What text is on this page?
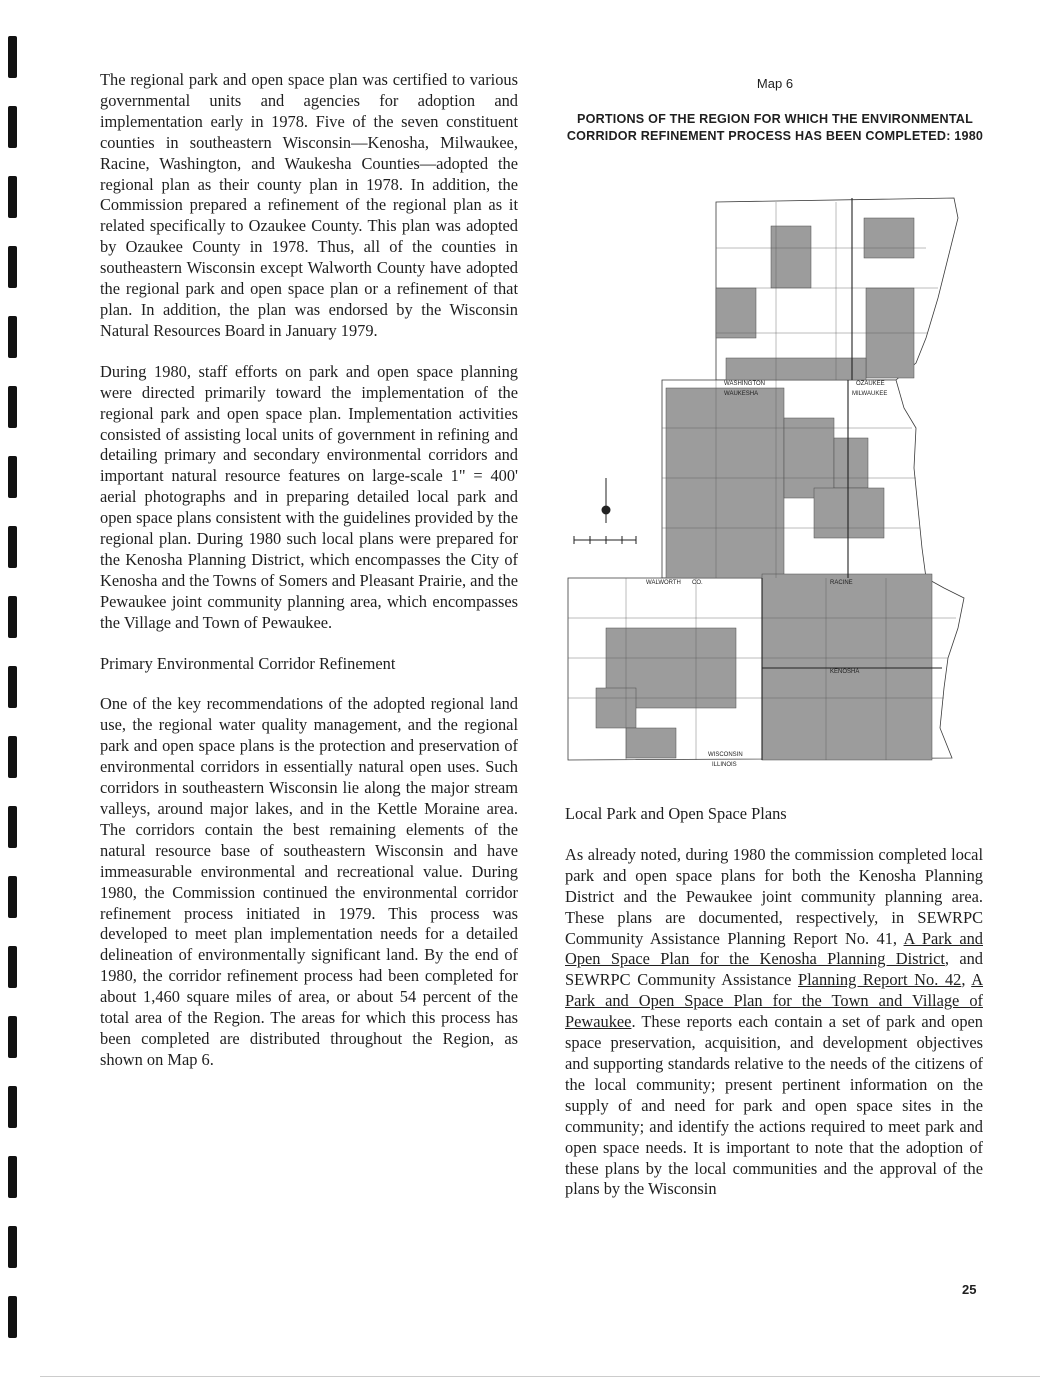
The regional park and open space plan was certified to various governmental units and agencies for adoption and implementation early in 1978. Five of the seven constituent counties in southeastern Wisconsin—Kenosha, Milwaukee, Racine, Washington, and Waukesha Counties—adopted the regional plan as their county plan in 1978. In addition, the Commission prepared a refinement of the regional plan as it related specifically to Ozaukee County. This plan was adopted by Ozaukee County in 1978. Thus, all of the counties in southeastern Wisconsin except Walworth County have adopted the regional park and open space plan or a refinement of that plan. In addition, the plan was endorsed by the Wisconsin Natural Resources Board in January 1979.

During 1980, staff efforts on park and open space planning were directed primarily toward the implementation of the regional park and open space plan. Implementation activities consisted of assisting local units of government in refining and detailing primary and secondary environmental corridors and important natural resource features on large-scale 1" = 400' aerial photographs and in preparing detailed local park and open space plans consistent with the guidelines provided by the regional plan. During 1980 such local plans were prepared for the Kenosha Planning District, which encompasses the City of Kenosha and the Towns of Somers and Pleasant Prairie, and the Pewaukee joint community planning area, which encompasses the Village and Town of Pewaukee.

Primary Environmental Corridor Refinement

One of the key recommendations of the adopted regional land use, the regional water quality management, and the regional park and open space plans is the protection and preservation of environmental corridors in essentially natural open uses. Such corridors in southeastern Wisconsin lie along the major stream valleys, around major lakes, and in the Kettle Moraine area. The corridors contain the best remaining elements of the natural resource base of southeastern Wisconsin and have immeasurable environmental and recreational value. During 1980, the Commission continued the environmental corridor refinement process initiated in 1979. This process was developed to meet plan implementation needs for a detailed delineation of environmentally significant land. By the end of 1980, the corridor refinement process had been completed for about 1,460 square miles of area, or about 54 percent of the total area of the Region. The areas for which this process has been completed are distributed throughout the Region, as shown on Map 6.

Map 6
PORTIONS OF THE REGION FOR WHICH THE ENVIRONMENTAL CORRIDOR REFINEMENT PROCESS HAS BEEN COMPLETED: 1980
WASHINGTON	OZAUKEE
WAUKESHA	MILWAUKEE
WALWORTH CO.	RACINE
KENOSHA
WISCONSIN
ILLINOIS
Local Park and Open Space Plans

As already noted, during 1980 the commission completed local park and open space plans for both the Kenosha Planning District and the Pewaukee joint community planning area. These plans are documented, respectively, in SEWRPC Community Assistance Planning Report No. 41, A Park and Open Space Plan for the Kenosha Planning District, and SEWRPC Community Assistance Planning Report No. 42, A Park and Open Space Plan for the Town and Village of Pewaukee. These reports each contain a set of park and open space preservation, acquisition, and development objectives and supporting standards relative to the needs of the citizens of the local community; present pertinent information on the supply of and need for park and open space sites in the community; and identify the actions required to meet park and open space needs. It is important to note that the adoption of these plans by the local communities and the approval of the plans by the Wisconsin

25
